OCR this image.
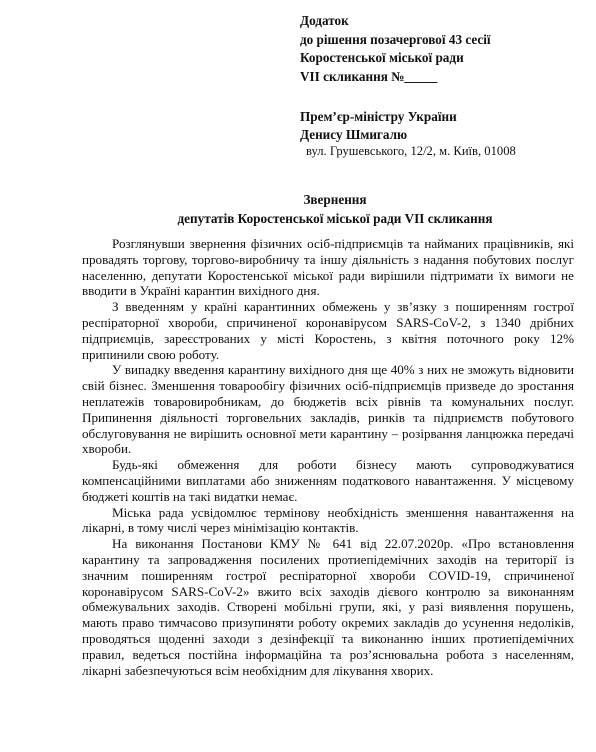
Додаток
до рішення позачергової 43 сесії
Коростенської міської ради
VII скликання №_____
Прем’єр-міністру України
Денису Шмигалю
вул. Грушевського, 12/2, м. Київ, 01008
Звернення
депутатів Коростенської міської ради VII скликання

Розглянувши звернення фізичних осіб-підприємців та найманих працівників, які провадять торгову, торгово-виробничу та іншу діяльність з надання побутових послуг населенню, депутати Коростенської міської ради вирішили підтримати їх вимоги не вводити в Україні карантин вихідного дня.

З введенням у країні карантинних обмежень у зв’язку з поширенням гострої респіраторної хвороби, спричиненої коронавірусом SARS-CoV-2, з 1340 дрібних підприємців, зареєстрованих у місті Коростень, з квітня поточного року 12% припинили свою роботу.

У випадку введення карантину вихідного дня ще 40% з них не зможуть відновити свій бізнес. Зменшення товарообігу фізичних осіб-підприємців призведе до зростання неплатежів товаровиробникам, до бюджетів всіх рівнів та комунальних послуг. Припинення діяльності торговельних закладів, ринків та підприємств побутового обслуговування не вирішить основної мети карантину – розірвання ланцюжка передачі хвороби.

Будь-які обмеження для роботи бізнесу мають супроводжуватися компенсаційними виплатами або зниженням податкового навантаження. У місцевому бюджеті коштів на такі видатки немає.

Міська рада усвідомлює термінову необхідність зменшення навантаження на лікарні, в тому числі через мінімізацію контактів.

На виконання Постанови КМУ № 641 від 22.07.2020р. «Про встановлення карантину та запровадження посилених протиепідемічних заходів на території із значним поширенням гострої респіраторної хвороби COVID-19, спричиненої коронавірусом SARS-CoV-2» вжито всіх заходів дієвого контролю за виконанням обмежувальних заходів. Створені мобільні групи, які, у разі виявлення порушень, мають право тимчасово призупиняти роботу окремих закладів до усунення недоліків, проводяться щоденні заходи з дезінфекції та виконанню інших протиепідемічних правил, ведеться постійна інформаційна та роз’яснювальна робота з населенням, лікарні забезпечуються всім необхідним для лікування хворих.
